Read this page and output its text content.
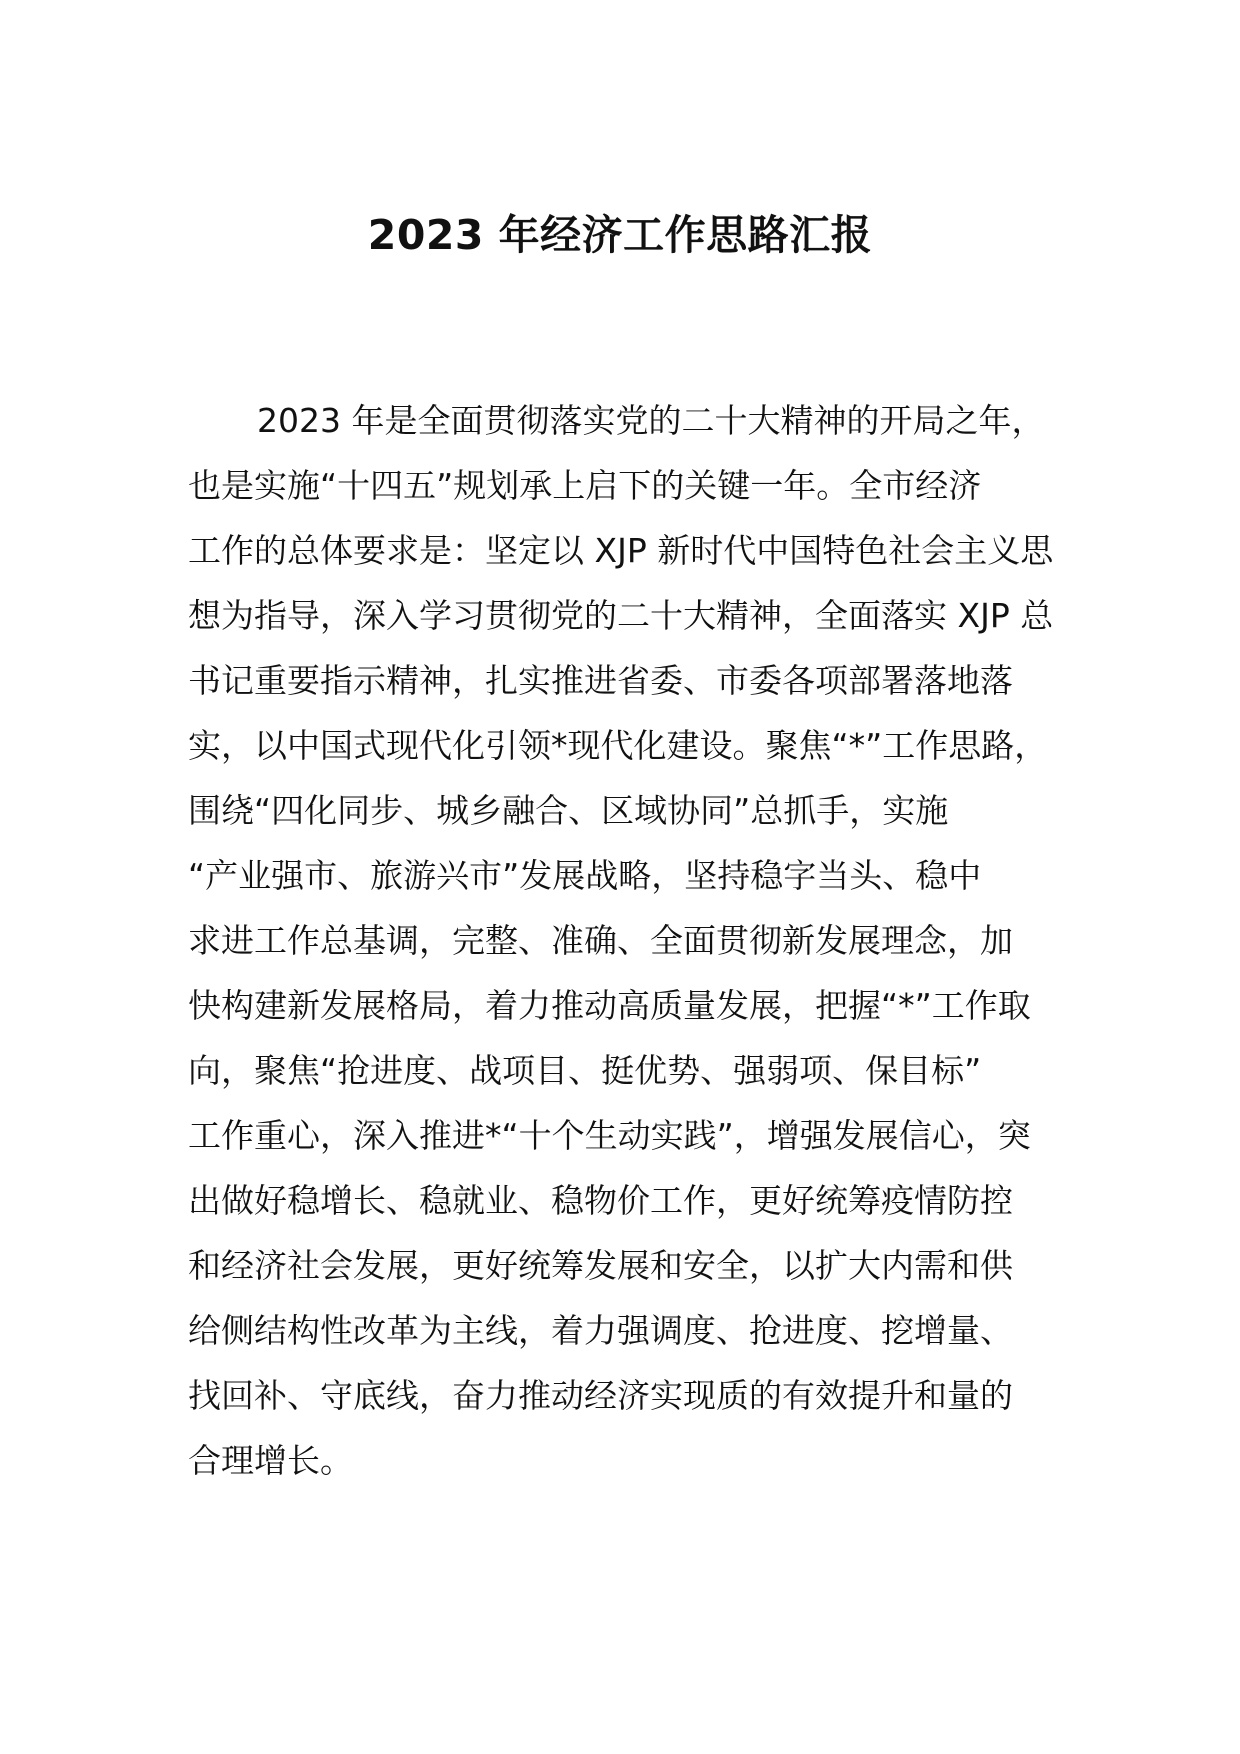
2023 年经济工作思路汇报
2023 年是全面贯彻落实党的二十大精神的开局之年，
也是实施“十四五”规划承上启下的关键一年。全市经济
工作的总体要求是：坚定以 XJP 新时代中国特色社会主义思
想为指导，深入学习贯彻党的二十大精神，全面落实 XJP 总
书记重要指示精神，扎实推进省委、市委各项部署落地落
实，以中国式现代化引领*现代化建设。聚焦“*”工作思路，
围绕“四化同步、城乡融合、区域协同”总抓手，实施
“产业强市、旅游兴市”发展战略，坚持稳字当头、稳中
求进工作总基调，完整、准确、全面贯彻新发展理念，加
快构建新发展格局，着力推动高质量发展，把握“*”工作取
向，聚焦“抢进度、战项目、挺优势、强弱项、保目标”
工作重心，深入推进*“十个生动实践”，增强发展信心，突
出做好稳增长、稳就业、稳物价工作，更好统筹疫情防控
和经济社会发展，更好统筹发展和安全，以扩大内需和供
给侧结构性改革为主线，着力强调度、抢进度、挖增量、
找回补、守底线，奋力推动经济实现质的有效提升和量的
合理增长。
